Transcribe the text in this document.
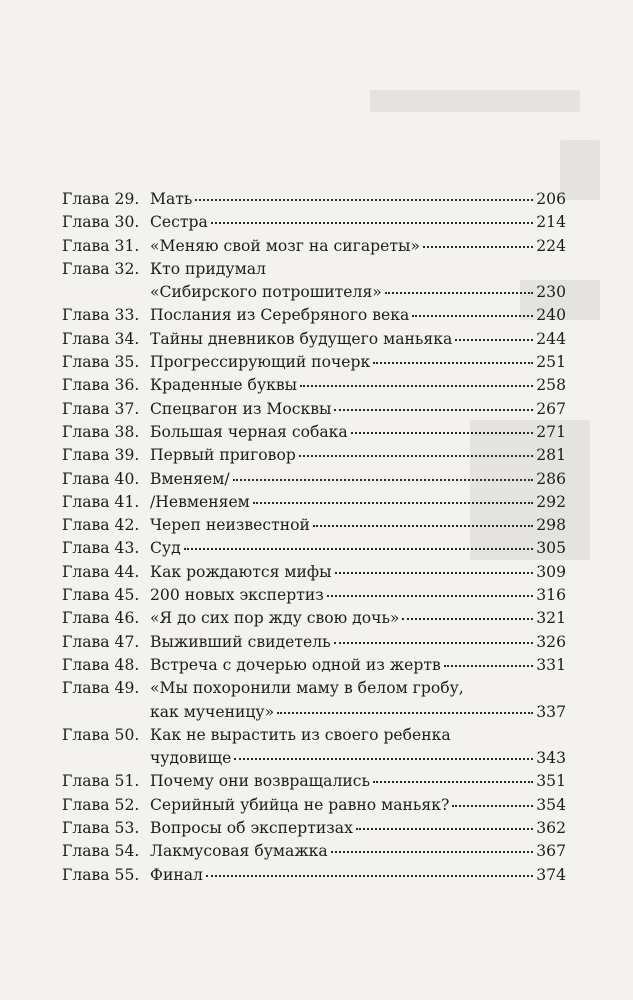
Глава 29. Мать	206
Глава 30. Сестра	214
Глава 31. «Меняю свой мозг на сигареты»	224
Глава 32. Кто придумал
«Сибирского потрошителя»	230
Глава 33. Послания из Серебряного века	240
Глава 34. Тайны дневников будущего маньяка	244
Глава 35. Прогрессирующий почерк	251
Глава 36. Краденные буквы	258
Глава 37. Спецвагон из Москвы	267
Глава 38. Большая черная собака	271
Глава 39. Первый приговор	281
Глава 40. Вменяем/	286
Глава 41. /Невменяем	292
Глава 42. Череп неизвестной	298
Глава 43. Суд	305
Глава 44. Как рождаются мифы	309
Глава 45. 200 новых экспертиз	316
Глава 46. «Я до сих пор жду свою дочь»	321
Глава 47. Выживший свидетель	326
Глава 48. Встреча с дочерью одной из жертв	331
Глава 49. «Мы похоронили маму в белом гробу,
как мученицу»	337
Глава 50. Как не вырастить из своего ребенка
чудовище	343
Глава 51. Почему они возвращались	351
Глава 52. Серийный убийца не равно маньяк?	354
Глава 53. Вопросы об экспертизах	362
Глава 54. Лакмусовая бумажка	367
Глава 55. Финал	374
